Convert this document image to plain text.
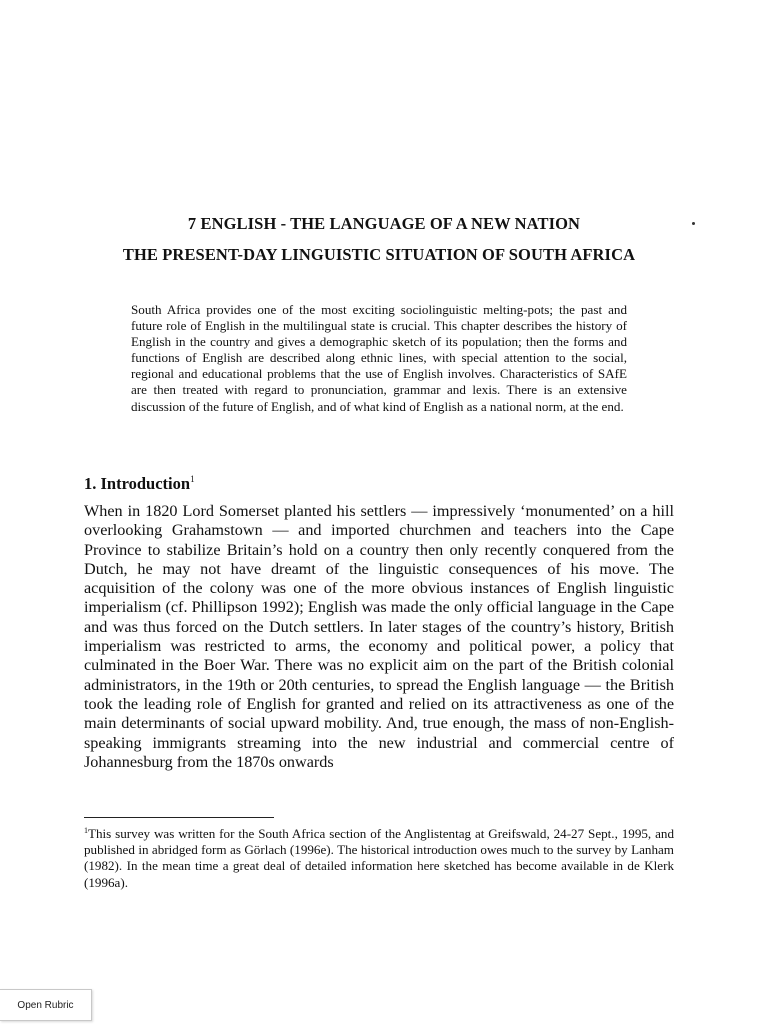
7 ENGLISH - THE LANGUAGE OF A NEW NATION
THE PRESENT-DAY LINGUISTIC SITUATION OF SOUTH AFRICA

South Africa provides one of the most exciting sociolinguistic melting-pots; the past and future role of English in the multilingual state is crucial. This chapter describes the history of English in the country and gives a demographic sketch of its population; then the forms and functions of English are described along ethnic lines, with special attention to the social, regional and educational problems that the use of English involves. Characteristics of SAfE are then treated with regard to pronunciation, grammar and lexis. There is an extensive discussion of the future of English, and of what kind of English as a national norm, at the end.

1. Introduction$^1$

When in 1820 Lord Somerset planted his settlers — impressively ‘monumented’ on a hill overlooking Grahamstown — and imported churchmen and teachers into the Cape Province to stabilize Britain’s hold on a country then only recently conquered from the Dutch, he may not have dreamt of the linguistic consequences of his move. The acquisition of the colony was one of the more obvious instances of English linguistic imperialism (cf. Phillipson 1992); English was made the only official language in the Cape and was thus forced on the Dutch settlers. In later stages of the country’s history, British imperialism was restricted to arms, the economy and political power, a policy that culminated in the Boer War. There was no explicit aim on the part of the British colonial administrators, in the 19th or 20th centuries, to spread the English language — the British took the leading role of English for granted and relied on its attractiveness as one of the main determinants of social upward mobility. And, true enough, the mass of non-English-speaking immigrants streaming into the new industrial and commercial centre of Johannesburg from the 1870s onwards

$^1$This survey was written for the South Africa section of the Anglistentag at Greifswald, 24-27 Sept., 1995, and published in abridged form as Görlach (1996e). The historical introduction owes much to the survey by Lanham (1982). In the mean time a great deal of detailed information here sketched has become available in de Klerk (1996a).

Open Rubric
